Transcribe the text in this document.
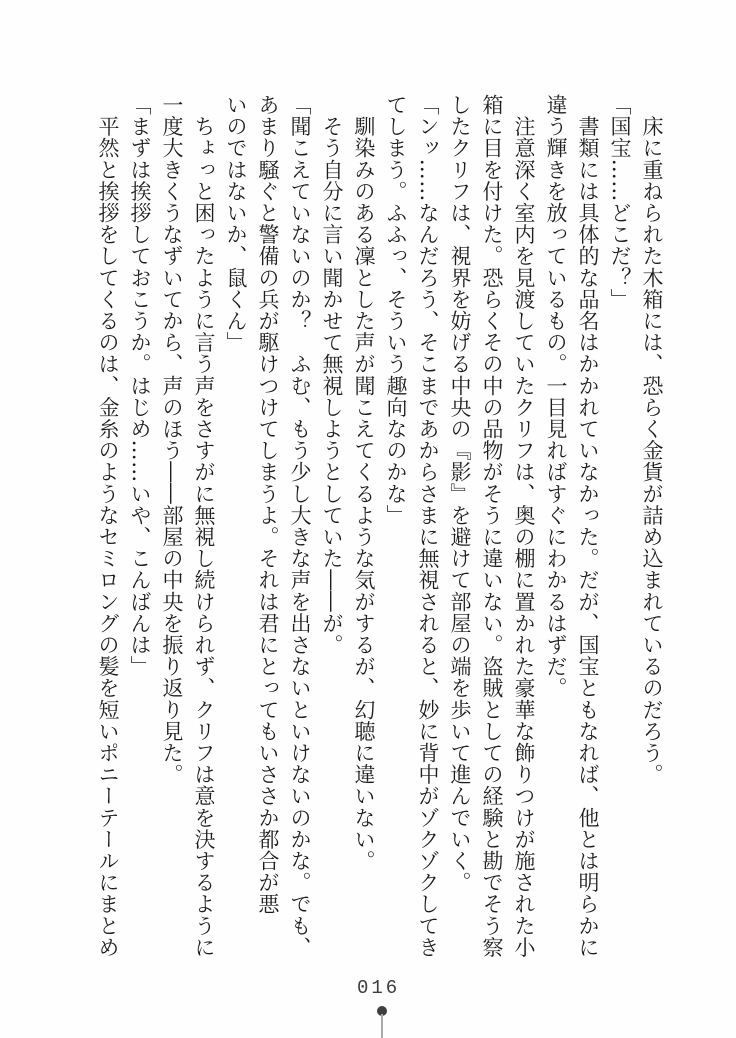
　床に重ねられた木箱には、恐らく金貨が詰め込まれているのだろう。
「国宝……どこだ？」
　書類には具体的な品名はかかれていなかった。だが、国宝ともなれば、他とは明らかに
違う輝きを放っているもの。一目見ればすぐにわかるはずだ。
　注意深く室内を見渡していたクリフは、奥の棚に置かれた豪華な飾りつけが施された小
箱に目を付けた。恐らくその中の品物がそうに違いない。盗賊としての経験と勘でそう察
したクリフは、視界を妨げる中央の『影』を避けて部屋の端を歩いて進んでいく。
「ンッ……なんだろう、そこまであからさまに無視されると、妙に背中がゾクゾクしてき
てしまう。ふふっ、そういう趣向なのかな」
　馴染みのある凜とした声が聞こえてくるような気がするが、幻聴に違いない。
　そう自分に言い聞かせて無視しようとしていた――が。
「聞こえていないのか？　ふむ、もう少し大きな声を出さないといけないのかな。でも、
あまり騒ぐと警備の兵が駆けつけてしまうよ。それは君にとってもいささか都合が悪
いのではないか、鼠くん」
　ちょっと困ったように言う声をさすがに無視し続けられず、クリフは意を決するように
一度大きくうなずいてから、声のほう――部屋の中央を振り返り見た。
「まずは挨拶しておこうか。はじめ……いや、こんばんは」
　平然と挨拶をしてくるのは、金糸のようなセミロングの髪を短いポニーテールにまとめ
016
